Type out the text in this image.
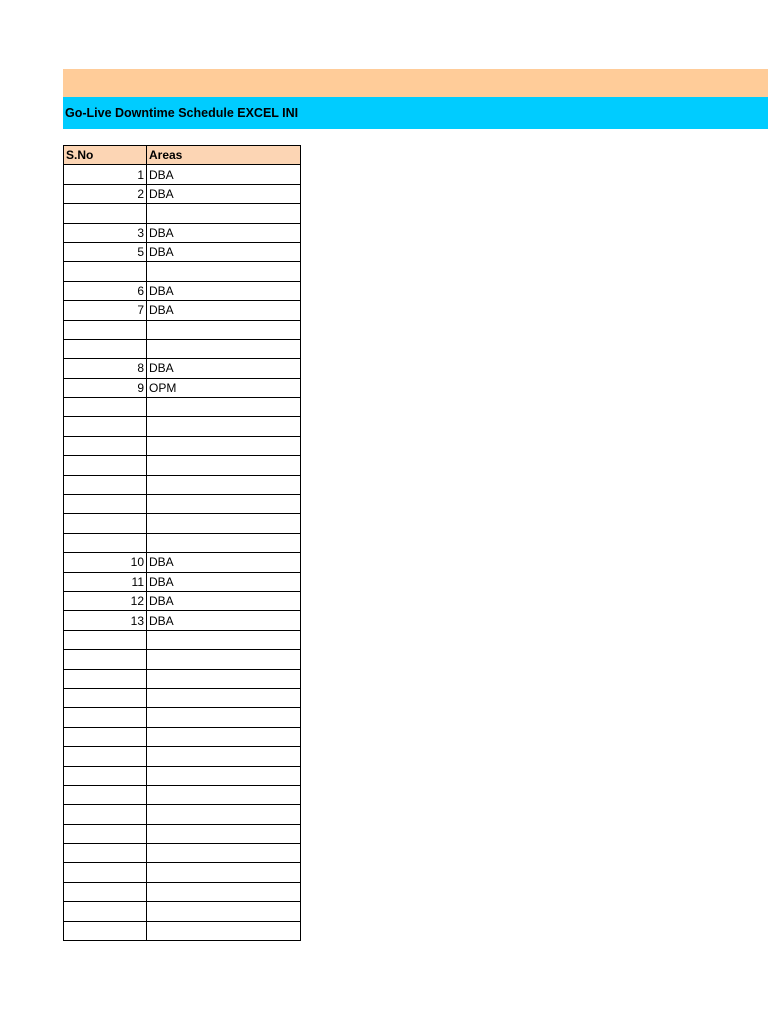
Go-Live Downtime Schedule EXCEL INI
S.No	Areas
1	DBA
2	DBA

3	DBA
5	DBA

6	DBA
7	DBA

8	DBA
9	OPM

10	DBA
11	DBA
12	DBA
13	DBA
